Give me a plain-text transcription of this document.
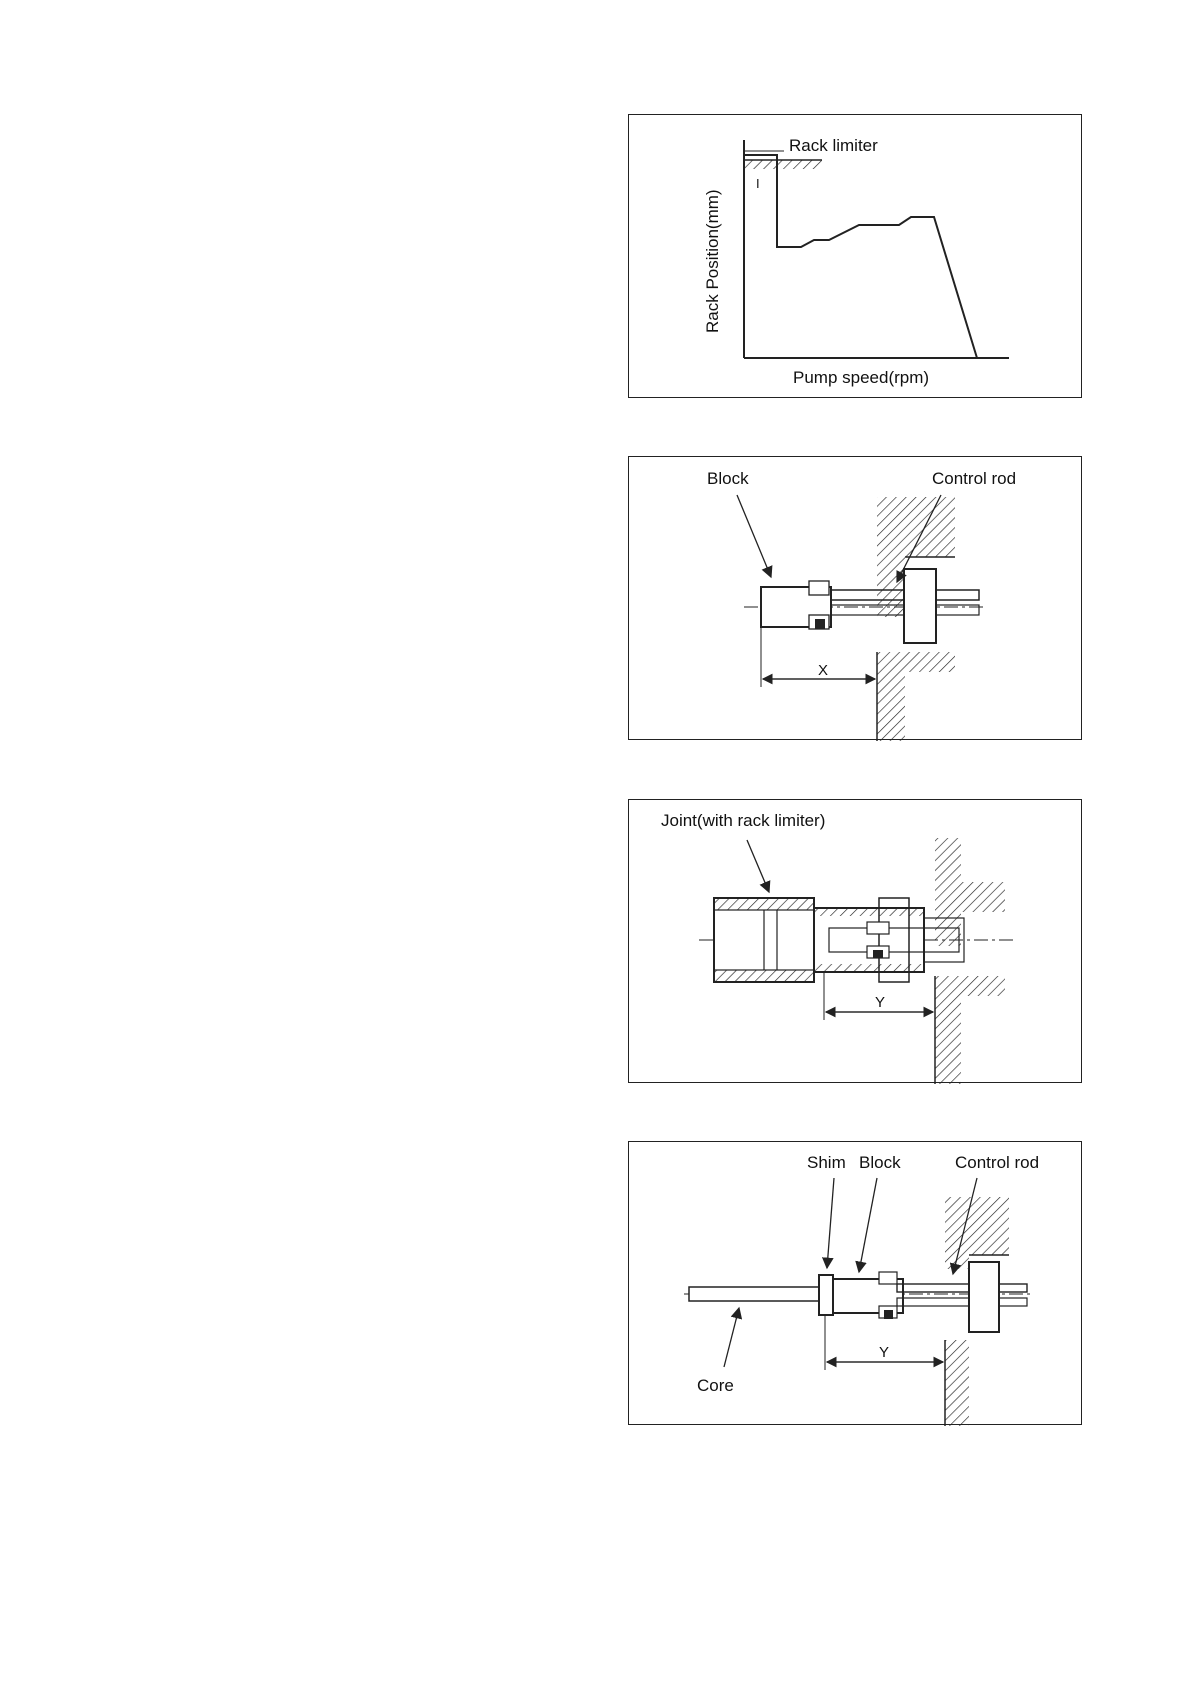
Rack limiter
I
Rack Position(mm)
Pump speed(rpm)
Block	Control rod
X
Joint(with rack limiter)
Y
Shim Block	Control rod
Core
Y
